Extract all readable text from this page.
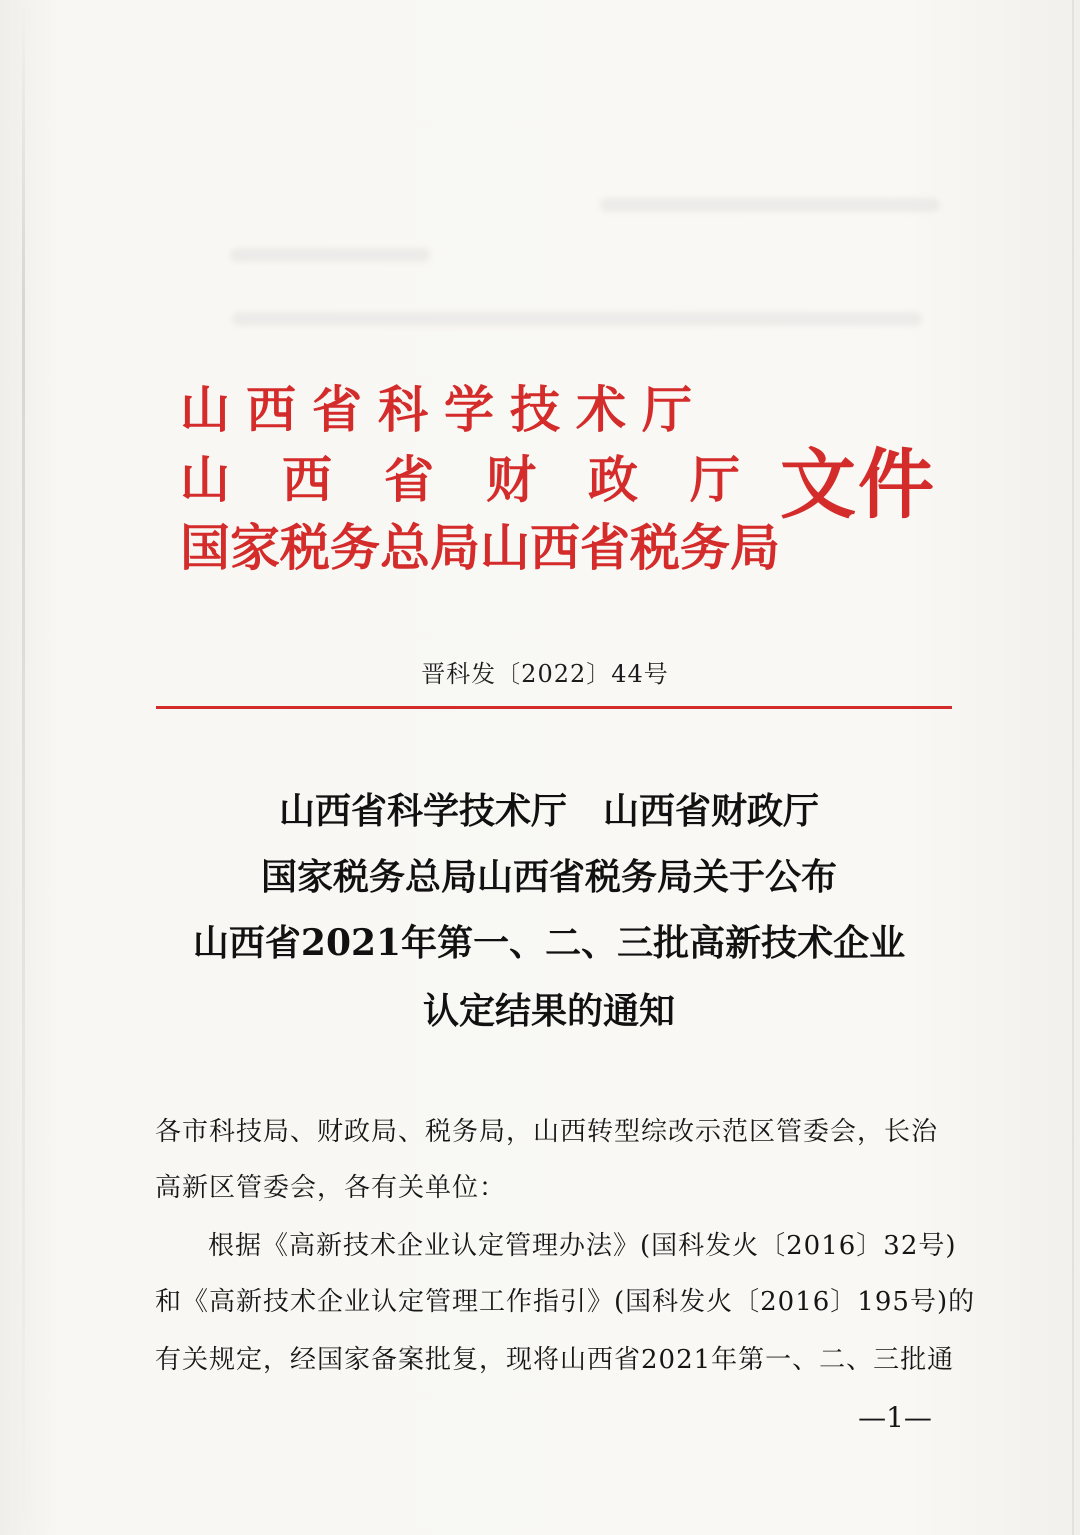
山西省科学技术厅
山西省财政厅
国家税务总局山西省税务局
文件
晋科发〔2022〕44号
山西省科学技术厅　山西省财政厅
国家税务总局山西省税务局关于公布
山西省2021年第一、二、三批高新技术企业
认定结果的通知
各市科技局、财政局、税务局，山西转型综改示范区管委会，长治
高新区管委会，各有关单位：
根据《高新技术企业认定管理办法》(国科发火〔2016〕32号)
和《高新技术企业认定管理工作指引》(国科发火〔2016〕195号)的
有关规定，经国家备案批复，现将山西省2021年第一、二、三批通
—1—
